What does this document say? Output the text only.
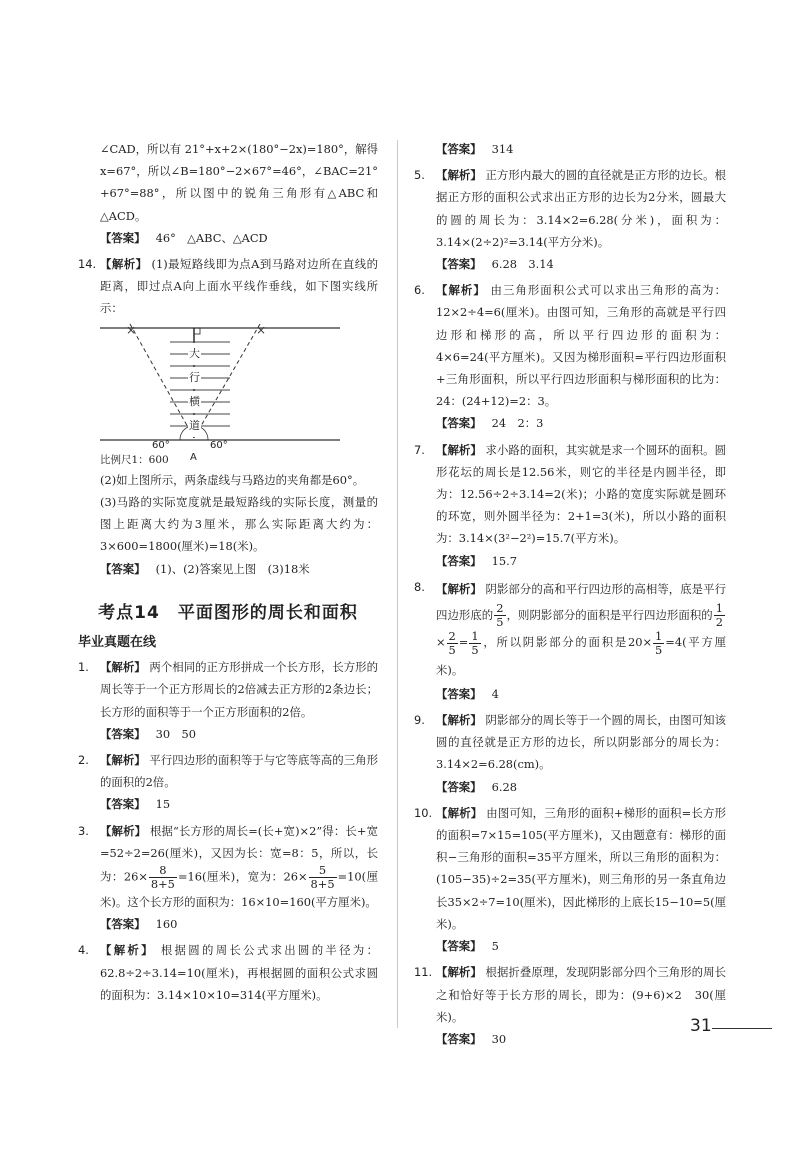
∠CAD，所以有 21°+x+2×(180°−2x)=180°，解得 x=67°，所以∠B=180°−2×67°=46°，∠BAC=21°+67°=88°，所以图中的锐角三角形有△ABC和△ACD。

【答案】 46°　△ABC、△ACD

14. 【解析】 (1)最短路线即为点A到马路对边所在直线的距离，即过点A向上面水平线作垂线，如下图实线所示：

×	×
大
行
横
道
60°	60°
A
比例尺1：600

(2)如上图所示，两条虚线与马路边的夹角都是60°。

(3)马路的实际宽度就是最短路线的实际长度，测量的图上距离大约为3厘米，那么实际距离大约为：3×600=1800(厘米)=18(米)。

【答案】 (1)、(2)答案见上图　(3)18米

考点14　平面图形的周长和面积
毕业真题在线
1. 【解析】 两个相同的正方形拼成一个长方形，长方形的周长等于一个正方形周长的2倍减去正方形的2条边长；长方形的面积等于一个正方形面积的2倍。

【答案】 30　50

2. 【解析】 平行四边形的面积等于与它等底等高的三角形的面积的2倍。

【答案】 15

3. 【解析】 根据“长方形的周长=(长+宽)×2”得：长+宽=52÷2=26(厘米)，又因为长：宽=8：5，所以，长为：$26\times \frac{8}{8+5} =16$(厘米)，宽为：$26\times \frac{5}{8+5} =10$(厘米)。这个长方形的面积为：16×10=160(平方厘米)。

【答案】 160

4. 【解析】 根据圆的周长公式求出圆的半径为：62.8÷2÷3.14=10(厘米)，再根据圆的面积公式求圆的面积为：3.14×10×10=314(平方厘米)。

【答案】 314

5. 【解析】 正方形内最大的圆的直径就是正方形的边长。根据正方形的面积公式求出正方形的边长为2分米，圆最大的圆的周长为：3.14×2=6.28(分米)，面积为：3.14×(2÷2)²=3.14(平方分米)。

【答案】 6.28　3.14

6. 【解析】 由三角形面积公式可以求出三角形的高为：12×2÷4=6(厘米)。由图可知，三角形的高就是平行四边形和梯形的高，所以平行四边形的面积为：4×6=24(平方厘米)。又因为梯形面积=平行四边形面积+三角形面积，所以平行四边形面积与梯形面积的比为：24：(24+12)=2：3。

【答案】 24　2：3

7. 【解析】 求小路的面积，其实就是求一个圆环的面积。圆形花坛的周长是12.56米，则它的半径是内圆半径，即为：12.56÷2÷3.14=2(米)；小路的宽度实际就是圆环的环宽，则外圆半径为：2+1=3(米)，所以小路的面积为：3.14×(3²−2²)=15.7(平方米)。

【答案】 15.7

8. 【解析】 阴影部分的高和平行四边形的高相等，底是平行四边形底的 $\frac{2}{5}$ ，则阴影部分的面积是平行四边形面积的 $\frac{1}{2}$
× $\frac{2}{5} = \frac{1}{5}$ ，所以阴影部分的面积是$20\times \frac{1}{5} =4$(平方厘米)。

【答案】 4

9. 【解析】 阴影部分的周长等于一个圆的周长，由图可知该圆的直径就是正方形的边长，所以阴影部分的周长为：3.14×2=6.28(cm)。

【答案】 6.28

10. 【解析】 由图可知，三角形的面积+梯形的面积=长方形的面积=7×15=105(平方厘米)，又由题意有：梯形的面积−三角形的面积=35平方厘米，所以三角形的面积为：(105−35)÷2=35(平方厘米)，则三角形的另一条直角边长35×2÷7=10(厘米)，因此梯形的上底长15−10=5(厘米)。

【答案】 5

11. 【解析】 根据折叠原理，发现阴影部分四个三角形的周长之和恰好等于长方形的周长，即为：(9+6)×2　30(厘米)。

【答案】 30

31
